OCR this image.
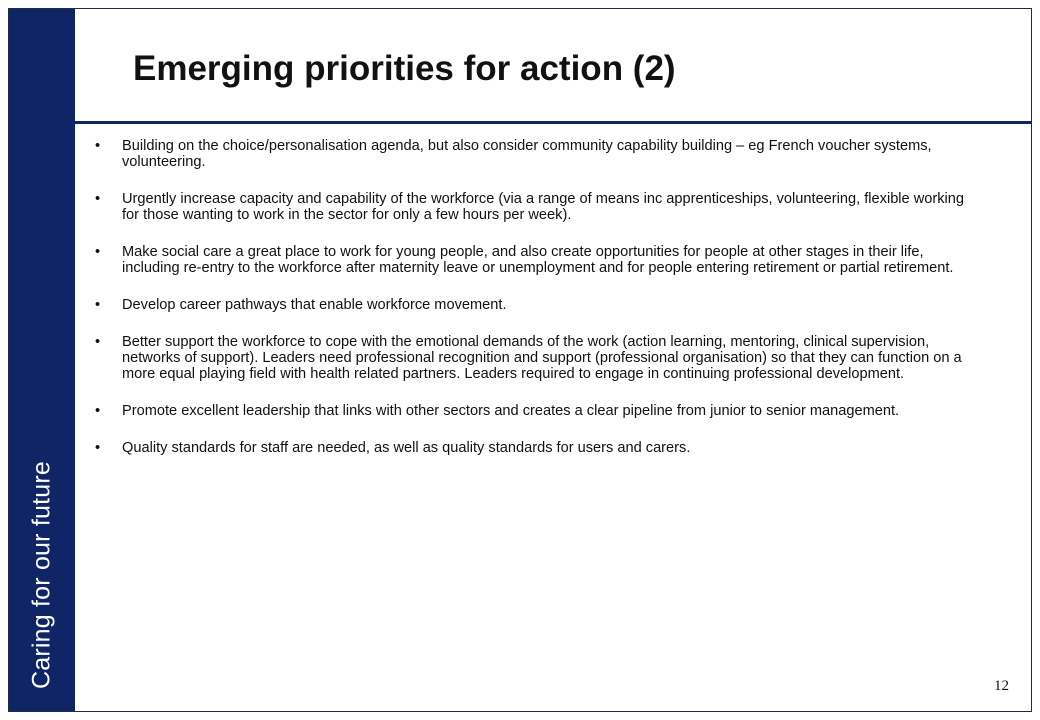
Caring for our future
Emerging priorities for action (2)
•	Building on the choice/personalisation agenda, but also consider community capability building – eg French voucher systems, volunteering.
•	Urgently increase capacity and capability of the workforce (via a range of means inc apprenticeships, volunteering, flexible working for those wanting to work in the sector for only a few hours per week).
•	Make social care a great place to work for young people, and also create opportunities for people at other stages in their life, including re-entry to the workforce after maternity leave or unemployment and for people entering retirement or partial retirement.
•	Develop career pathways that enable workforce movement.
•	Better support the workforce to cope with the emotional demands of the work (action learning, mentoring, clinical supervision, networks of support). Leaders need professional recognition and support (professional organisation) so that they can function on a more equal playing field with health related partners. Leaders required to engage in continuing professional development.
•	Promote excellent leadership that links with other sectors and creates a clear pipeline from junior to senior management.
•	Quality standards for staff are needed, as well as quality standards for users and carers.
12
